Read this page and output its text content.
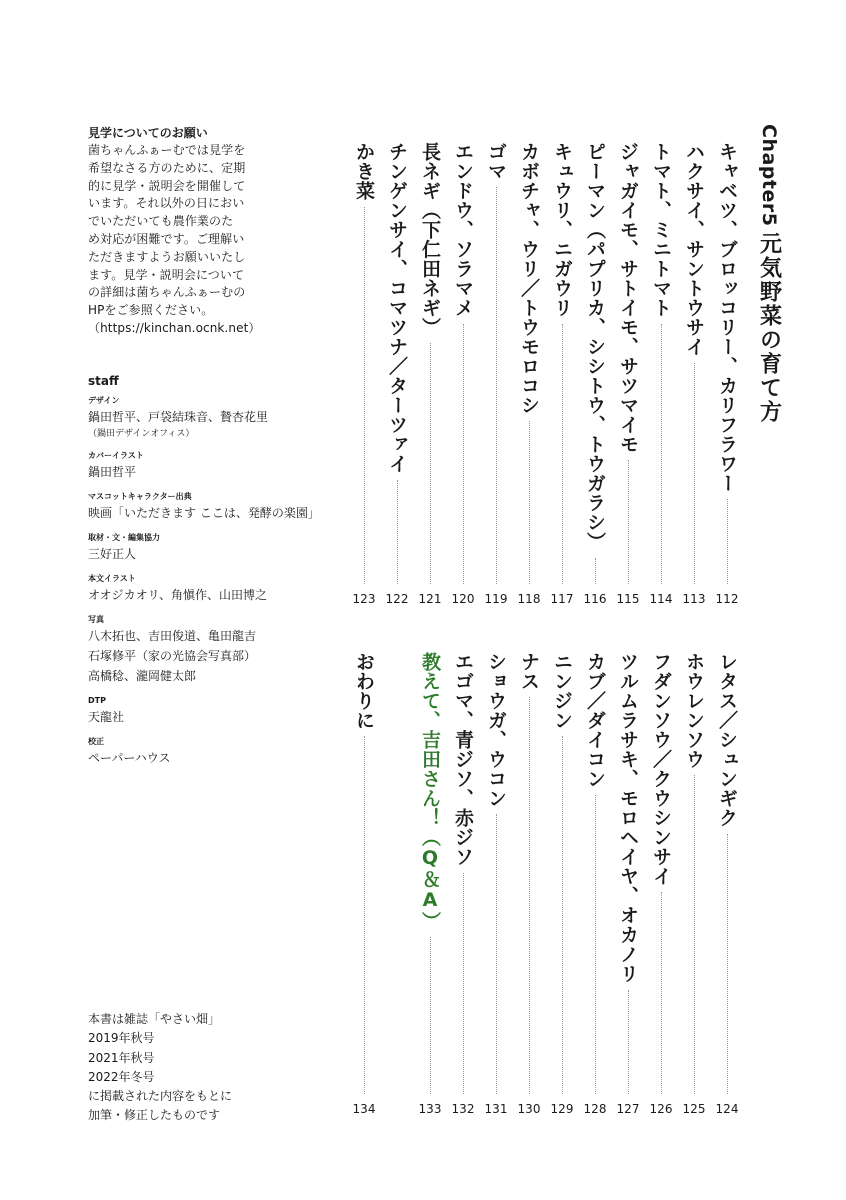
見学についてのお願い
菌ちゃんふぁーむでは見学を
希望なさる方のために、定期
的に見学・説明会を開催して
います。それ以外の日におい
でいただいても農作業のた
め対応が困難です。ご理解い
ただきますようお願いいたし
ます。見学・説明会について
の詳細は菌ちゃんふぁーむの
HPをご参照ください。
（https://kinchan.ocnk.net）
staff
デザイン
鍋田哲平、戸袋結珠音、贄杏花里
（鍋田デザインオフィス）
カバーイラスト
鍋田哲平
マスコットキャラクター出典
映画「いただきます ここは、発酵の楽園」
取材・文・編集協力
三好正人
本文イラスト
オオジカオリ、角愼作、山田博之
写真
八木拓也、吉田俊道、亀田龍吉
石塚修平（家の光協会写真部）
高橋稔、瀧岡健太郎
DTP
天龍社
校正
ペーパーハウス
本書は雑誌「やさい畑」
2019年秋号
2021年秋号
2022年冬号
に掲載された内容をもとに
加筆・修正したものです
Chapter5
元気野菜の育て方
キャベツ、ブロッコリー、カリフラワー
112
ハクサイ、サントウサイ
113
トマト、ミニトマト
114
ジャガイモ、サトイモ、サツマイモ
115
ピーマン（パプリカ、シシトウ、トウガラシ）
116
キュウリ、ニガウリ
117
カボチャ、ウリ／トウモロコシ
118
ゴマ
119
エンドウ、ソラマメ
120
長ネギ（下仁田ネギ）
121
チンゲンサイ、コマツナ／ターツァイ
122
かき菜
123
レタス／シュンギク
124
ホウレンソウ
125
フダンソウ／クウシンサイ
126
ツルムラサキ、モロヘイヤ、オカノリ
127
カブ／ダイコン
128
ニンジン
129
ナス
130
ショウガ、ウコン
131
エゴマ、青ジソ、赤ジソ
132
教えて、吉田さん！（Q＆A）
133
おわりに
134
